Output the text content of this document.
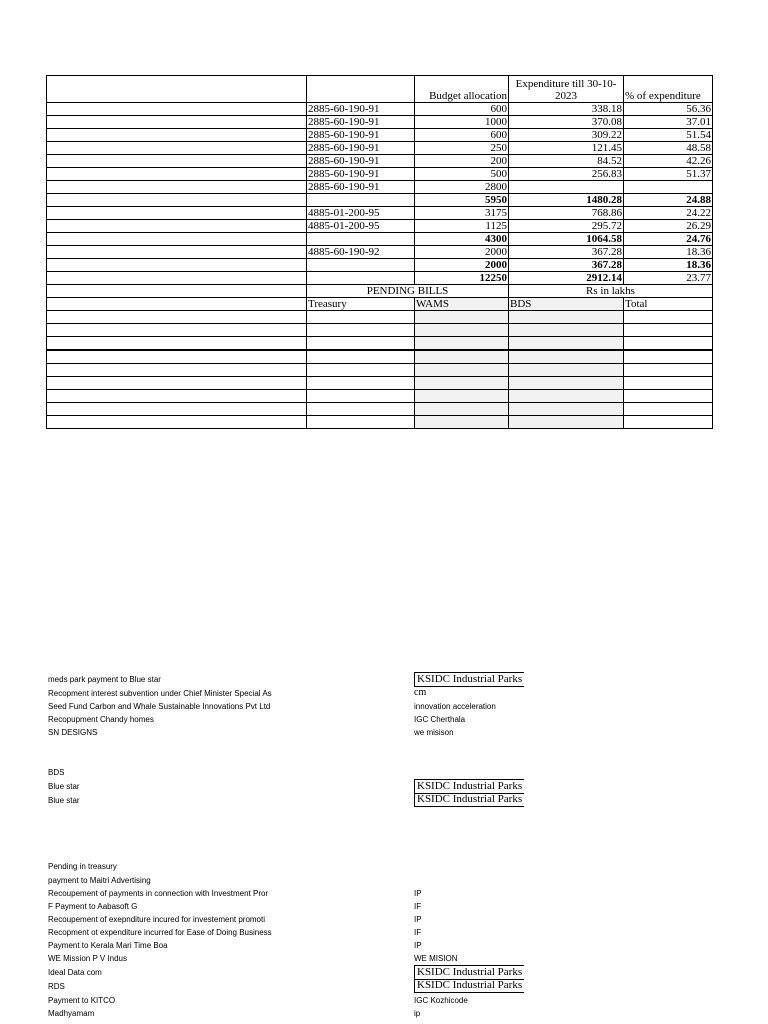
		Budget allocation	Expenditure till 30-10-2023	% of expenditure
	2885-60-190-91	600	338.18	56.36
	2885-60-190-91	1000	370.08	37.01
	2885-60-190-91	600	309.22	51.54
	2885-60-190-91	250	121.45	48.58
	2885-60-190-91	200	84.52	42.26
	2885-60-190-91	500	256.83	51.37
	2885-60-190-91	2800		
		5950	1480.28	24.88
	4885-01-200-95	3175	768.86	24.22
	4885-01-200-95	1125	295.72	26.29
		4300	1064.58	24.76
	4885-60-190-92	2000	367.28	18.36
		2000	367.28	18.36
		12250	2912.14	23.77
	PENDING BILLS		Rs in lakhs	
	Treasury	WAMS	BDS	Total

meds park payment to Blue star	KSIDC Industrial Parks
Recopment interest subvention under Chief Minister Special As	cm
Seed Fund Carbon and Whale Sustainable Innovations Pvt Ltd	innovation acceleration
Recopupment Chandy homes	IGC Cherthala
SN DESIGNS	we misison
BDS
Blue star	KSIDC Industrial Parks
Blue star	KSIDC Industrial Parks
Pending in treasury
payment to Maitri Advertising
Recoupement of payments in connection with Investment Pror	IP
F Payment to Aabasoft G	IF
Recoupement of exepnditure incured for investement promoti	IP
Recopment ot expenditure incurred for Ease of Doing Business	IF
Payment to Kerala Mari Time Boa	IP
WE Mission P V Indus	WE MISION
Ideal Data com	KSIDC Industrial Parks
RDS	KSIDC Industrial Parks
Payment to KITCO	IGC Kozhicode
Madhyamam	ip
